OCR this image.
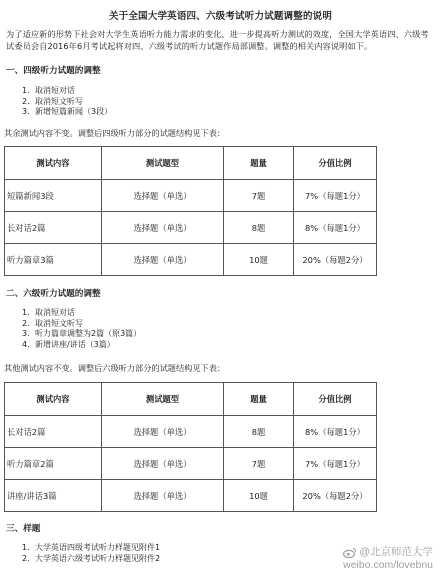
关于全国大学英语四、六级考试听力试题调整的说明
为了适应新的形势下社会对大学生英语听力能力需求的变化，进一步提高听力测试的效度，全国大学英语四、六级考试委员会自2016年6月考试起将对四、六级考试的听力试题作局部调整。调整的相关内容说明如下。
一、四级听力试题的调整
1. 取消短对话
2. 取消短文听写
3. 新增短篇新闻（3段）
其余测试内容不变。调整后四级听力部分的试题结构见下表：
测试内容	测试题型	题量	分值比例
短篇新闻3段	选择题（单选）	7题	7%（每题1分）
长对话2篇	选择题（单选）	8题	8%（每题1分）
听力篇章3篇	选择题（单选）	10题	20%（每题2分）
二、六级听力试题的调整
1. 取消短对话
2. 取消短文听写
3. 听力篇章调整为2篇（原3篇）
4. 新增讲座/讲话（3篇）
其他测试内容不变。调整后六级听力部分的试题结构见下表：
测试内容	测试题型	题量	分值比例
长对话2篇	选择题（单选）	8题	8%（每题1分）
听力篇章2篇	选择题（单选）	7题	7%（每题1分）
讲座/讲话3篇	选择题（单选）	10题	20%（每题2分）
三、样题
1. 大学英语四级考试听力样题见附件1
2. 大学英语六级考试听力样题见附件2
@北京师范大学
weibo.com/lovebnu
